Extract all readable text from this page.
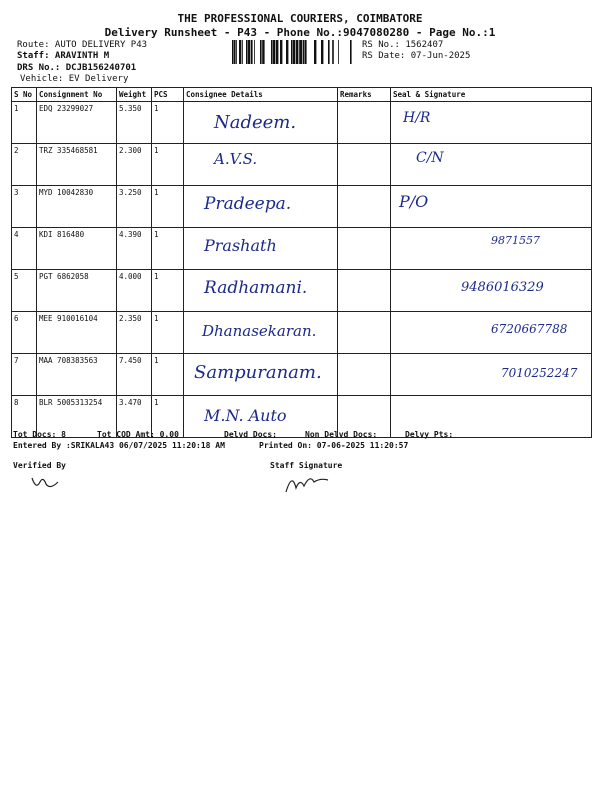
THE PROFESSIONAL COURIERS, COIMBATORE
Delivery Runsheet - P43 - Phone No.:9047080280 - Page No.:1
Route: AUTO DELIVERY P43
Staff: ARAVINTH M
DRS No.: DCJB156240701
Vehicle: EV Delivery
RS No.: 1562407
RS Date: 07-Jun-2025
S No	Consignment No	Weight	PCS	Consignee Details	Remarks	Seal & Signature
1	EDQ 23299027	5.350	1	Nadeem.		H/R

2	TRZ 335468581	2.300	1	A.V.S.		C/N

3	MYD 10042830	3.250	1	Pradeepa.		P/O

4	KDI 816480	4.390	1	Prashath		9871557

5	PGT 6862058	4.000	1	Radhamani.		9486016329

6	MEE 910016104	2.350	1	Dhanasekaran.		6720667788

7	MAA 708383563	7.450	1	Sampuranam.		7010252247

8	BLR 5005313254	3.470	1	M.N. Auto		

Tot Docs: 8	Tot COD Amt: 0.00	Delvd Docs:	Non Delvd Docs:	Delvy Pts:
Entered By :SRIKALA43 06/07/2025 11:20:18 AM	Printed On: 07-06-2025 11:20:57
Verified By	Staff Signature
